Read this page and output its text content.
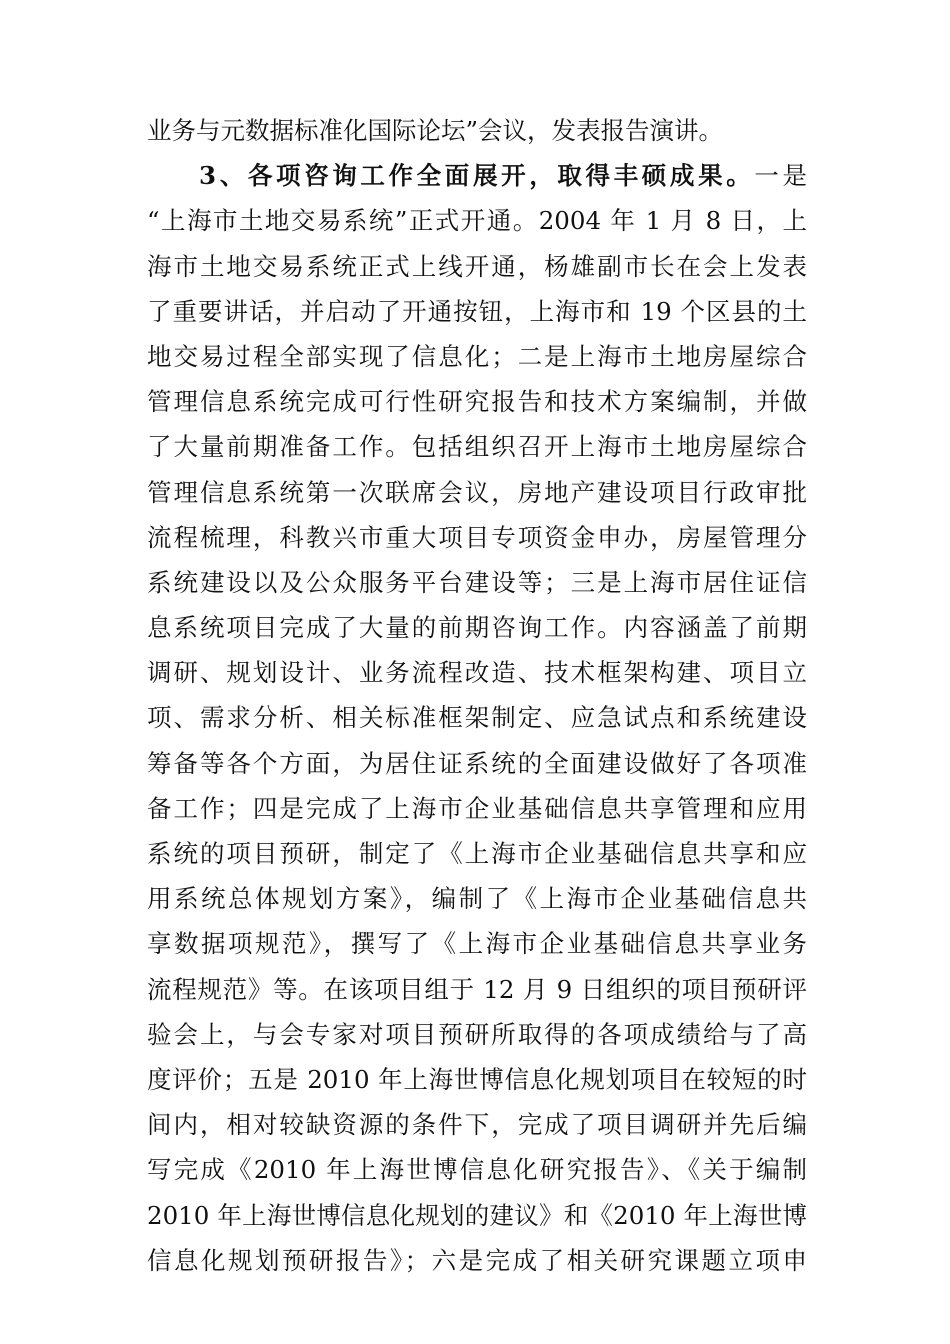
业务与元数据标准化国际论坛”会议，发表报告演讲。
3、各项咨询工作全面展开，取得丰硕成果。一是
“上海市土地交易系统”正式开通。2004 年 1 月 8 日，上
海市土地交易系统正式上线开通，杨雄副市长在会上发表
了重要讲话，并启动了开通按钮，上海市和 19 个区县的土
地交易过程全部实现了信息化；二是上海市土地房屋综合
管理信息系统完成可行性研究报告和技术方案编制，并做
了大量前期准备工作。包括组织召开上海市土地房屋综合
管理信息系统第一次联席会议，房地产建设项目行政审批
流程梳理，科教兴市重大项目专项资金申办，房屋管理分
系统建设以及公众服务平台建设等；三是上海市居住证信
息系统项目完成了大量的前期咨询工作。内容涵盖了前期
调研、规划设计、业务流程改造、技术框架构建、项目立
项、需求分析、相关标准框架制定、应急试点和系统建设
筹备等各个方面，为居住证系统的全面建设做好了各项准
备工作；四是完成了上海市企业基础信息共享管理和应用
系统的项目预研，制定了《上海市企业基础信息共享和应
用系统总体规划方案》，编制了《上海市企业基础信息共
享数据项规范》，撰写了《上海市企业基础信息共享业务
流程规范》等。在该项目组于 12 月 9 日组织的项目预研评
验会上，与会专家对项目预研所取得的各项成绩给与了高
度评价；五是 2010 年上海世博信息化规划项目在较短的时
间内，相对较缺资源的条件下，完成了项目调研并先后编
写完成《2010 年上海世博信息化研究报告》、《关于编制
2010 年上海世博信息化规划的建议》和《2010 年上海世博
信息化规划预研报告》；六是完成了相关研究课题立项申
